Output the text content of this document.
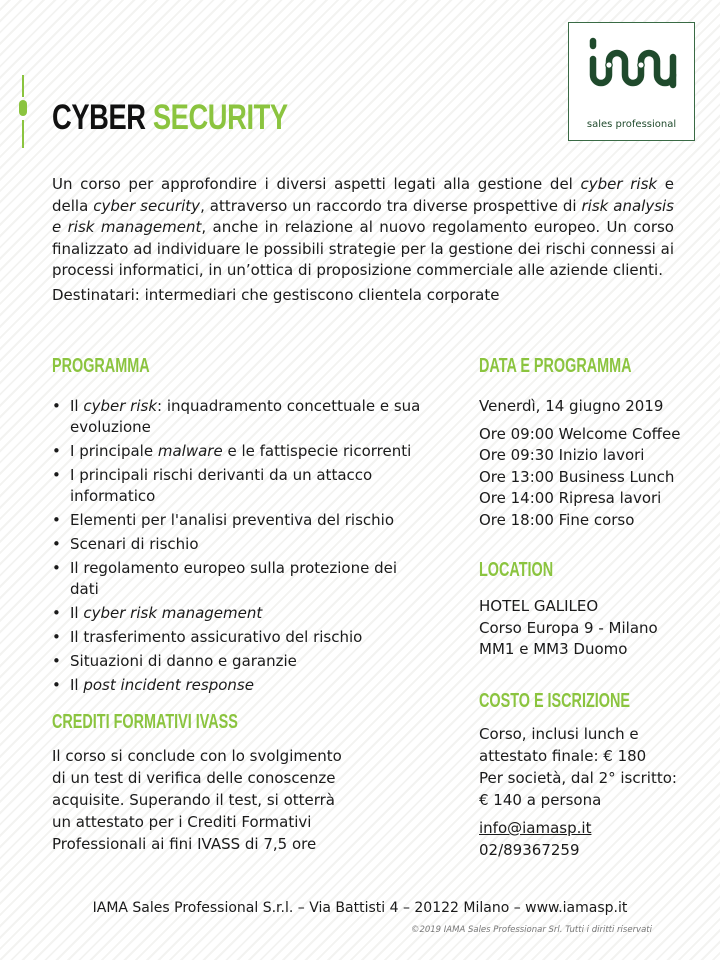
CYBER SECURITY	sales professional

Un corso per approfondire i diversi aspetti legati alla gestione del cyber risk e della cyber security, attraverso un raccordo tra diverse prospettive di risk analysis e risk management, anche in relazione al nuovo regolamento europeo. Un corso finalizzato ad individuare le possibili strategie per la gestione dei rischi connessi ai processi informatici, in un’ottica di proposizione commerciale alle aziende clienti.

Destinatari: intermediari che gestiscono clientela corporate

PROGRAMMA
• Il cyber risk: inquadramento concettuale e sua evoluzione
• I principale malware e le fattispecie ricorrenti
• I principali rischi derivanti da un attacco informatico
• Elementi per l'analisi preventiva del rischio
• Scenari di rischio
• Il regolamento europeo sulla protezione dei dati
• Il cyber risk management
• Il trasferimento assicurativo del rischio
• Situazioni di danno e garanzie
• Il post incident response
CREDITI FORMATIVI IVASS

Il corso si conclude con lo svolgimento di un test di verifica delle conoscenze acquisite. Superando il test, si otterrà un attestato per i Crediti Formativi Professionali ai fini IVASS di 7,5 ore

DATA E PROGRAMMA

Venerdì, 14 giugno 2019

Ore 09:00 Welcome Coffee

Ore 09:30 Inizio lavori

Ore 13:00 Business Lunch

Ore 14:00 Ripresa lavori

Ore 18:00 Fine corso

LOCATION

HOTEL GALILEO

Corso Europa 9 - Milano

MM1 e MM3 Duomo

COSTO E ISCRIZIONE

Corso, inclusi lunch e attestato finale: € 180

Per società, dal 2° iscritto: € 140 a persona

info@iamasp.it

02/89367259

IAMA Sales Professional S.r.l. – Via Battisti 4 – 20122 Milano – www.iamasp.it

©2019 IAMA Sales Professionar Srl. Tutti i diritti riservati
